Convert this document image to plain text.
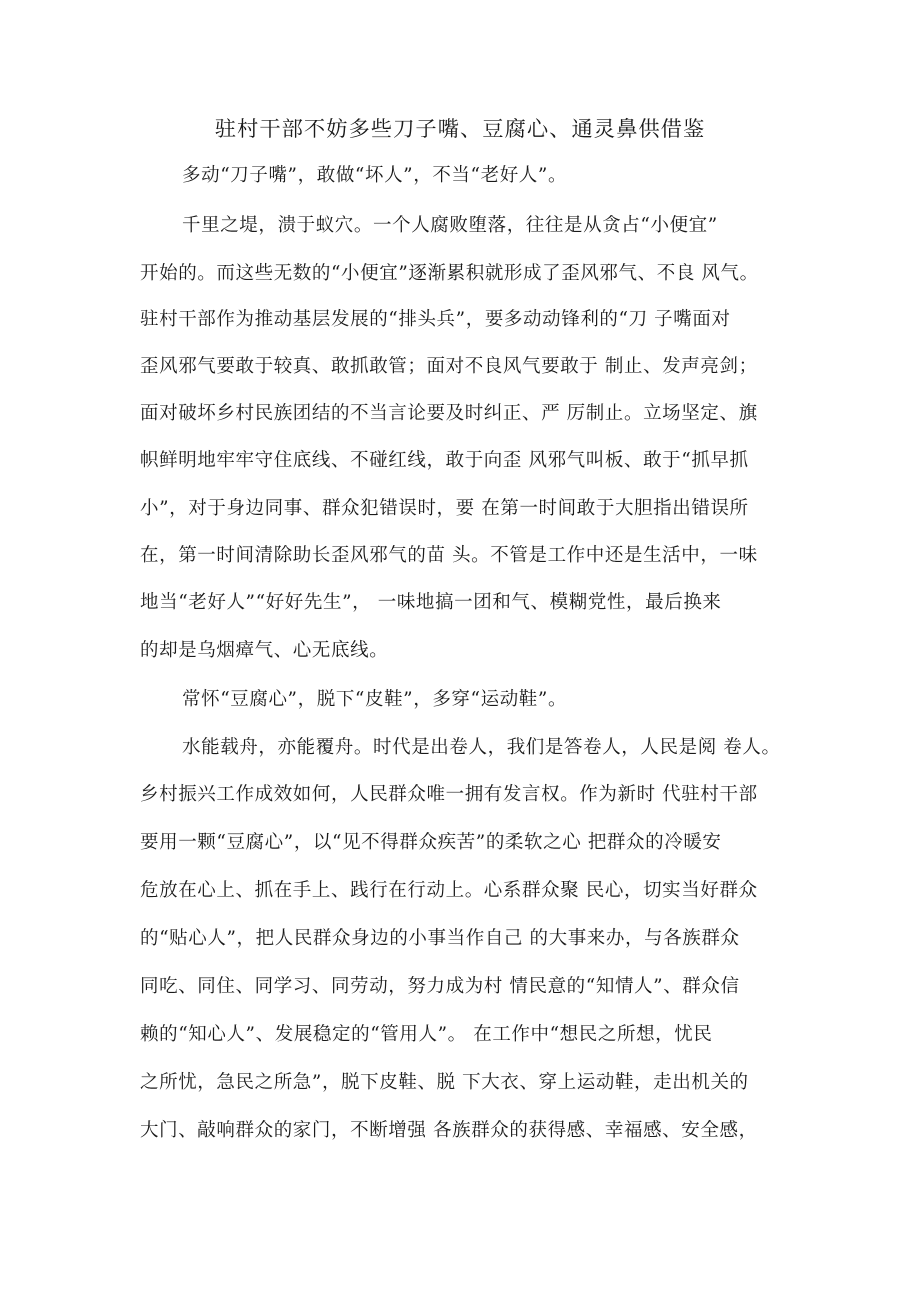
驻村干部不妨多些刀子嘴、豆腐心、通灵鼻供借鉴
多动“刀子嘴”，敢做“坏人”，不当“老好人”。
千里之堤，溃于蚁穴。一个人腐败堕落，往往是从贪占“小便宜”
开始的。而这些无数的“小便宜”逐渐累积就形成了歪风邪气、不良 风气。
驻村干部作为推动基层发展的“排头兵”，要多动动锋利的“刀 子嘴面对
歪风邪气要敢于较真、敢抓敢管；面对不良风气要敢于 制止、发声亮剑；
面对破坏乡村民族团结的不当言论要及时纠正、严 厉制止。立场坚定、旗
帜鲜明地牢牢守住底线、不碰红线，敢于向歪 风邪气叫板、敢于“抓早抓
小”，对于身边同事、群众犯错误时，要 在第一时间敢于大胆指出错误所
在，第一时间清除助长歪风邪气的苗 头。不管是工作中还是生活中，一味
地当“老好人”“好好先生”， 一味地搞一团和气、模糊党性，最后换来
的却是乌烟瘴气、心无底线。
常怀“豆腐心”，脱下“皮鞋”，多穿“运动鞋”。
水能载舟，亦能覆舟。时代是出卷人，我们是答卷人，人民是阅 卷人。
乡村振兴工作成效如何，人民群众唯一拥有发言权。作为新时 代驻村干部
要用一颗“豆腐心”，以“见不得群众疾苦”的柔软之心 把群众的冷暖安
危放在心上、抓在手上、践行在行动上。心系群众聚 民心，切实当好群众
的“贴心人”，把人民群众身边的小事当作自己 的大事来办，与各族群众
同吃、同住、同学习、同劳动，努力成为村 情民意的“知情人”、群众信
赖的“知心人”、发展稳定的“管用人”。 在工作中“想民之所想，忧民
之所忧，急民之所急”，脱下皮鞋、脱 下大衣、穿上运动鞋，走出机关的
大门、敲响群众的家门，不断增强 各族群众的获得感、幸福感、安全感，
